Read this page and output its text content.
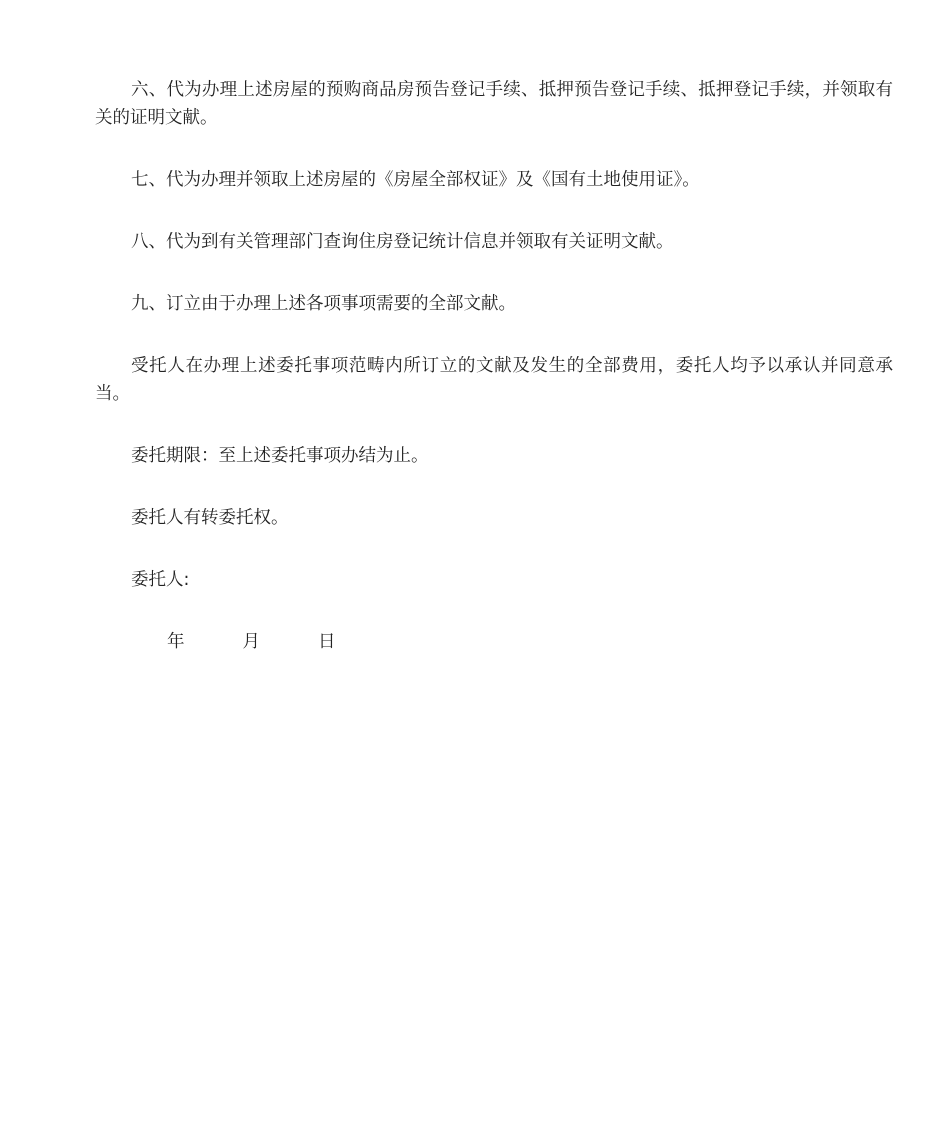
六、代为办理上述房屋的预购商品房预告登记手续、抵押预告登记手续、抵押登记手续，并领取有关的证明文献。

七、代为办理并领取上述房屋的《房屋全部权证》及《国有土地使用证》。

八、代为到有关管理部门查询住房登记统计信息并领取有关证明文献。

九、订立由于办理上述各项事项需要的全部文献。

受托人在办理上述委托事项范畴内所订立的文献及发生的全部费用，委托人均予以承认并同意承当。

委托期限：至上述委托事项办结为止。

委托人有转委托权。

委托人:

年	月	日
